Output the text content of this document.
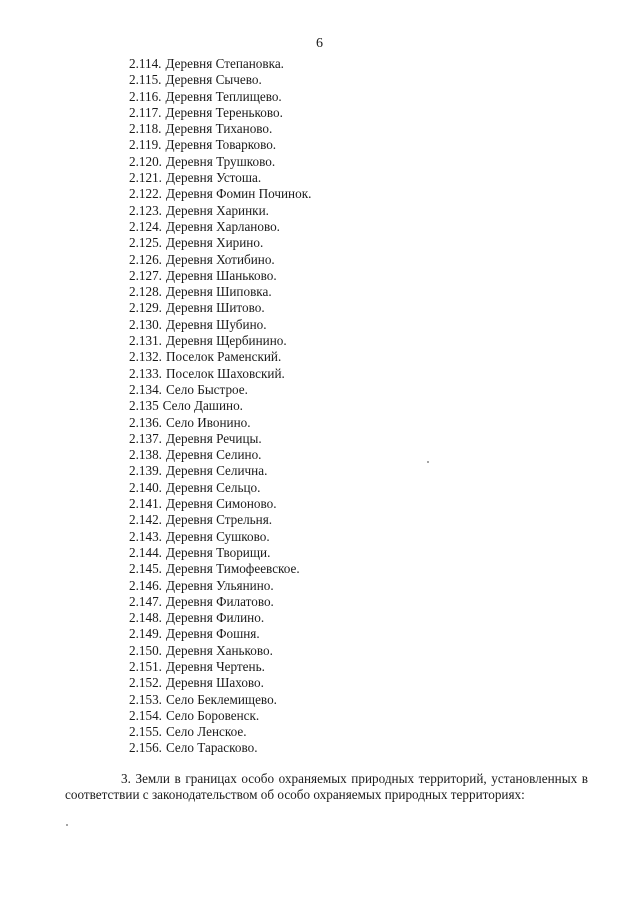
6
2.114. Деревня Степановка.
2.115. Деревня Сычево.
2.116. Деревня Теплищево.
2.117. Деревня Тереньково.
2.118. Деревня Тиханово.
2.119. Деревня Товарково.
2.120. Деревня Трушково.
2.121. Деревня Устоша.
2.122. Деревня Фомин Починок.
2.123. Деревня Харинки.
2.124. Деревня Харланово.
2.125. Деревня Хирино.
2.126. Деревня Хотибино.
2.127. Деревня Шаньково.
2.128. Деревня Шиповка.
2.129. Деревня Шитово.
2.130. Деревня Шубино.
2.131. Деревня Щербинино.
2.132. Поселок Раменский.
2.133. Поселок Шаховский.
2.134. Село Быстрое.
2.135 Село Дашино.
2.136. Село Ивонино.
2.137. Деревня Речицы.
2.138. Деревня Селино.
2.139. Деревня Селична.
2.140. Деревня Сельцо.
2.141. Деревня Симоново.
2.142. Деревня Стрельня.
2.143. Деревня Сушково.
2.144. Деревня Творищи.
2.145. Деревня Тимофеевское.
2.146. Деревня Ульянино.
2.147. Деревня Филатово.
2.148. Деревня Филино.
2.149. Деревня Фошня.
2.150. Деревня Ханьково.
2.151. Деревня Чертень.
2.152. Деревня Шахово.
2.153. Село Беклемищево.
2.154. Село Боровенск.
2.155. Село Ленское.
2.156. Село Тарасково.
3. Земли в границах особо охраняемых природных территорий, установленных в соответствии с законодательством об особо охраняемых природных территориях:
